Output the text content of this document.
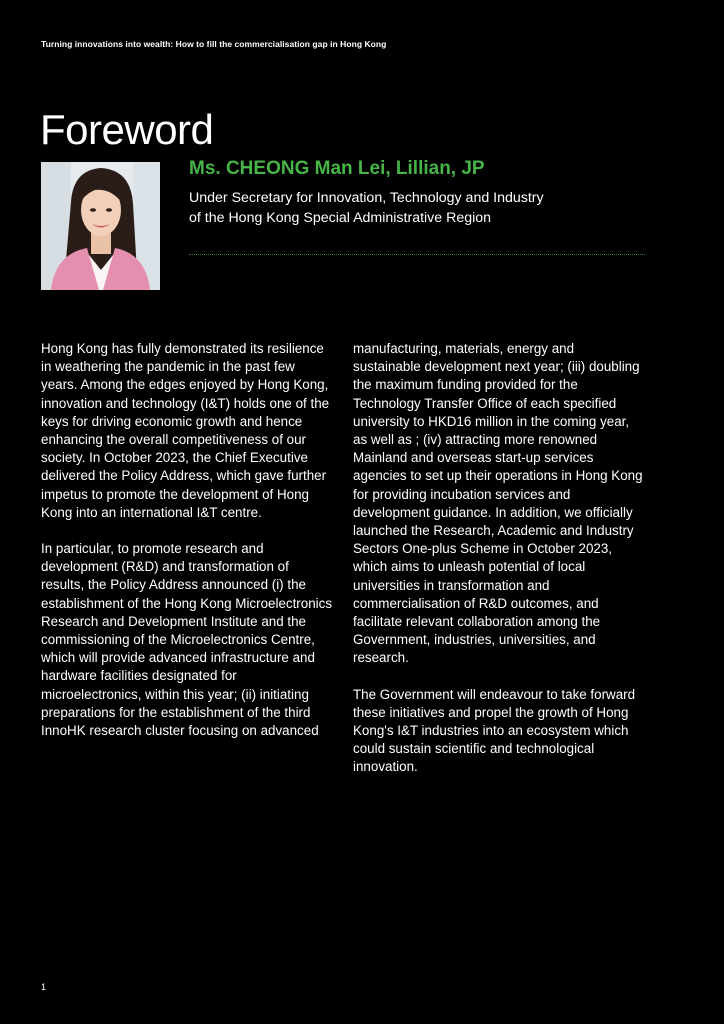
Turning innovations into wealth: How to fill the commercialisation gap in Hong Kong
Foreword
Ms. CHEONG Man Lei, Lillian, JP
Under Secretary for Innovation, Technology and Industry
of the Hong Kong Special Administrative Region

Hong Kong has fully demonstrated its resilience in weathering the pandemic in the past few years. Among the edges enjoyed by Hong Kong, innovation and technology (I&T) holds one of the keys for driving economic growth and hence enhancing the overall competitiveness of our society. In October 2023, the Chief Executive delivered the Policy Address, which gave further impetus to promote the development of Hong Kong into an international I&T centre.

In particular, to promote research and development (R&D) and transformation of results, the Policy Address announced (i) the establishment of the Hong Kong Microelectronics Research and Development Institute and the commissioning of the Microelectronics Centre, which will provide advanced infrastructure and hardware facilities designated for microelectronics, within this year; (ii) initiating preparations for the establishment of the third InnoHK research cluster focusing on advanced

manufacturing, materials, energy and sustainable development next year; (iii) doubling the maximum funding provided for the Technology Transfer Office of each specified university to HKD16 million in the coming year, as well as ; (iv) attracting more renowned Mainland and overseas start-up services agencies to set up their operations in Hong Kong for providing incubation services and development guidance. In addition, we officially launched the Research, Academic and Industry Sectors One-plus Scheme in October 2023, which aims to unleash potential of local universities in transformation and commercialisation of R&D outcomes, and facilitate relevant collaboration among the Government, industries, universities, and research.

The Government will endeavour to take forward these initiatives and propel the growth of Hong Kong's I&T industries into an ecosystem which could sustain scientific and technological innovation.

1
